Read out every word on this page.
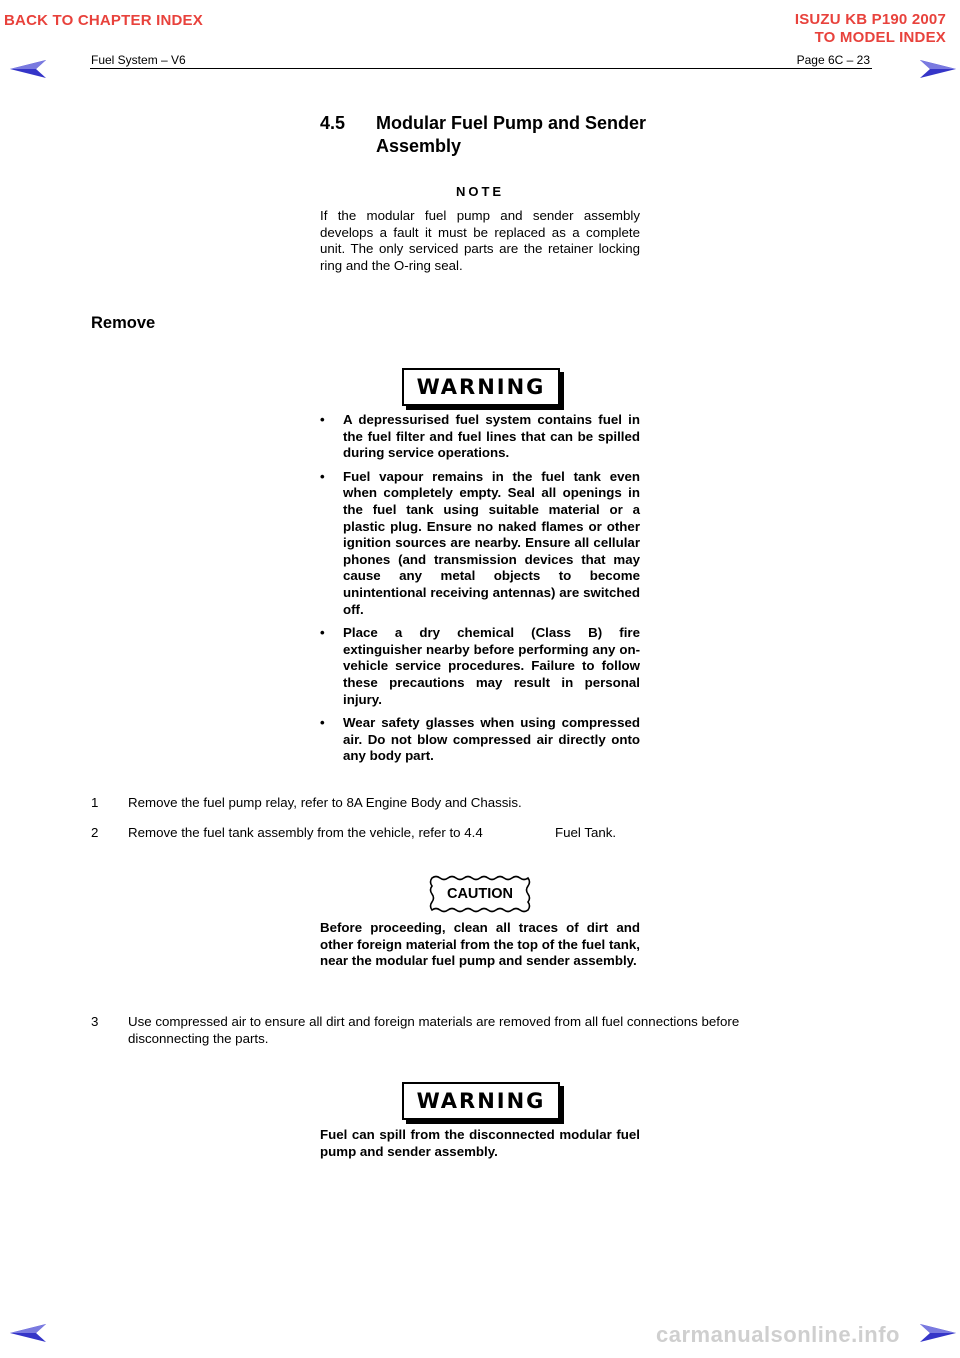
BACK TO CHAPTER INDEX	ISUZU KB P190 2007
TO MODEL INDEX
Fuel System – V6	Page 6C – 23
4.5 Modular Fuel Pump and Sender
Assembly
NOTE
If the modular fuel pump and sender assembly develops a fault it must be replaced as a complete unit. The only serviced parts are the retainer locking ring and the O-ring seal.
Remove
WARNING
• A depressurised fuel system contains fuel in the fuel filter and fuel lines that can be spilled during service operations.
• Fuel vapour remains in the fuel tank even when completely empty. Seal all openings in the fuel tank using suitable material or a plastic plug. Ensure no naked flames or other ignition sources are nearby. Ensure all cellular phones (and transmission devices that may cause any metal objects to become unintentional receiving antennas) are switched off.
• Place a dry chemical (Class B) fire extinguisher nearby before performing any on-vehicle service procedures. Failure to follow these precautions may result in personal injury.
• Wear safety glasses when using compressed air. Do not blow compressed air directly onto any body part.
1 Remove the fuel pump relay, refer to 8A Engine Body and Chassis.
2 Remove the fuel tank assembly from the vehicle, refer to 4.4	Fuel Tank.
CAUTION
Before proceeding, clean all traces of dirt and other foreign material from the top of the fuel tank, near the modular fuel pump and sender assembly.
3 Use compressed air to ensure all dirt and foreign materials are removed from all fuel connections before
disconnecting the parts.
WARNING
Fuel can spill from the disconnected modular fuel pump and sender assembly.
carmanualsonline.info
